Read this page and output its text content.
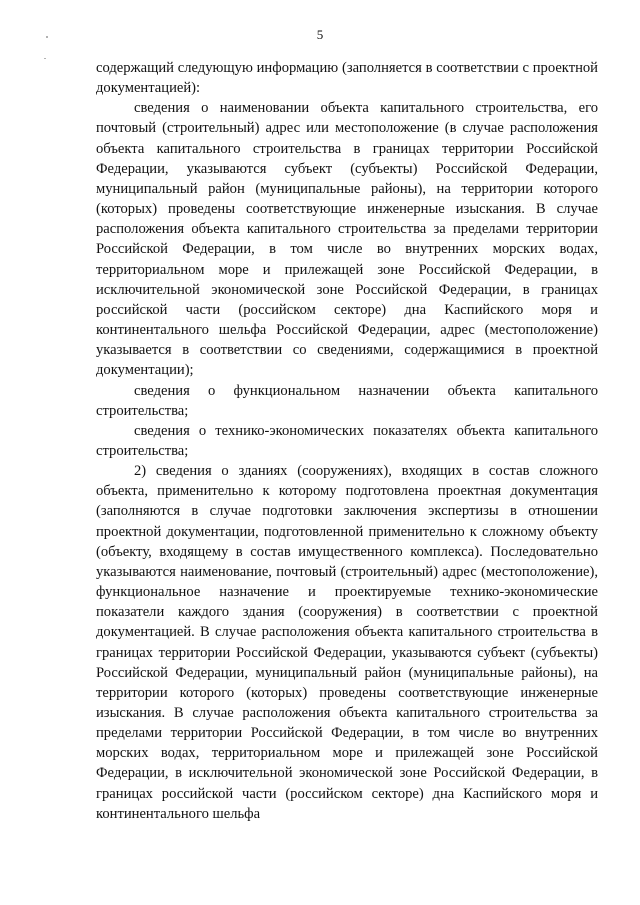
5

содержащий следующую информацию (заполняется в соответствии с проектной документацией):

сведения о наименовании объекта капитального строительства, его почтовый (строительный) адрес или местоположение (в случае расположения объекта капитального строительства в границах территории Российской Федерации, указываются субъект (субъекты) Российской Федерации, муниципальный район (муниципальные районы), на территории которого (которых) проведены соответствующие инженерные изыскания. В случае расположения объекта капитального строительства за пределами территории Российской Федерации, в том числе во внутренних морских водах, территориальном море и прилежащей зоне Российской Федерации, в исключительной экономической зоне Российской Федерации, в границах российской части (российском секторе) дна Каспийского моря и континентального шельфа Российской Федерации, адрес (местоположение) указывается в соответствии со сведениями, содержащимися в проектной документации);

сведения о функциональном назначении объекта капитального строительства;

сведения о технико-экономических показателях объекта капитального строительства;

2) сведения о зданиях (сооружениях), входящих в состав сложного объекта, применительно к которому подготовлена проектная документация (заполняются в случае подготовки заключения экспертизы в отношении проектной документации, подготовленной применительно к сложному объекту (объекту, входящему в состав имущественного комплекса). Последовательно указываются наименование, почтовый (строительный) адрес (местоположение), функциональное назначение и проектируемые технико-экономические показатели каждого здания (сооружения) в соответствии с проектной документацией. В случае расположения объекта капитального строительства в границах территории Российской Федерации, указываются субъект (субъекты) Российской Федерации, муниципальный район (муниципальные районы), на территории которого (которых) проведены соответствующие инженерные изыскания. В случае расположения объекта капитального строительства за пределами территории Российской Федерации, в том числе во внутренних морских водах, территориальном море и прилежащей зоне Российской Федерации, в исключительной экономической зоне Российской Федерации, в границах российской части (российском секторе) дна Каспийского моря и континентального шельфа
